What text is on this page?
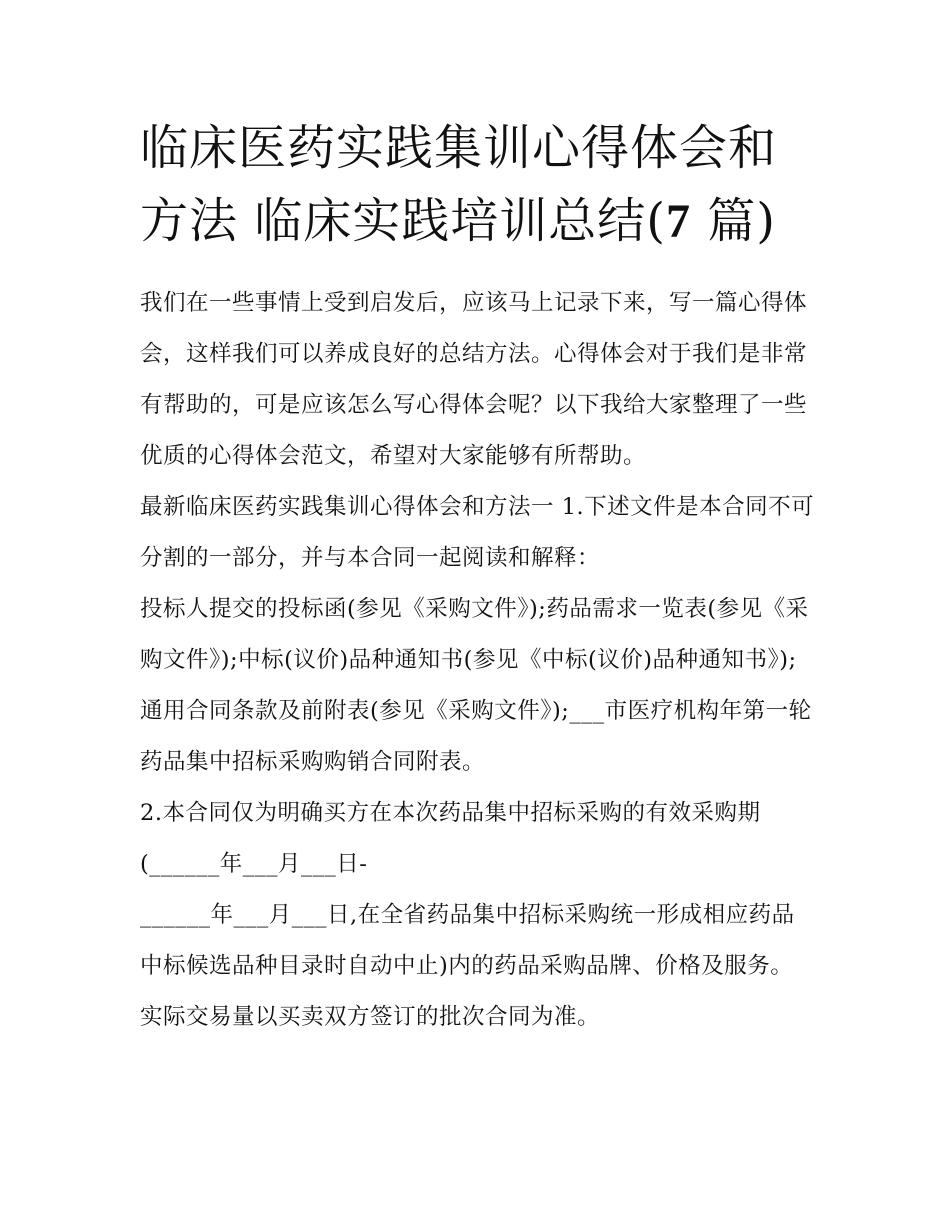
临床医药实践集训心得体会和方法 临床实践培训总结(7 篇)

我们在一些事情上受到启发后，应该马上记录下来，写一篇心得体会，这样我们可以养成良好的总结方法。心得体会对于我们是非常有帮助的，可是应该怎么写心得体会呢？以下我给大家整理了一些优质的心得体会范文，希望对大家能够有所帮助。

最新临床医药实践集训心得体会和方法一 1.下述文件是本合同不可分割的一部分，并与本合同一起阅读和解释：

投标人提交的投标函(参见《采购文件》);药品需求一览表(参见《采购文件》);中标(议价)品种通知书(参见《中标(议价)品种通知书》);通用合同条款及前附表(参见《采购文件》);___市医疗机构年第一轮药品集中招标采购购销合同附表。

2.本合同仅为明确买方在本次药品集中招标采购的有效采购期(______年___月___日-

______年___月___日,在全省药品集中招标采购统一形成相应药品中标候选品种目录时自动中止)内的药品采购品牌、价格及服务。实际交易量以买卖双方签订的批次合同为准。
